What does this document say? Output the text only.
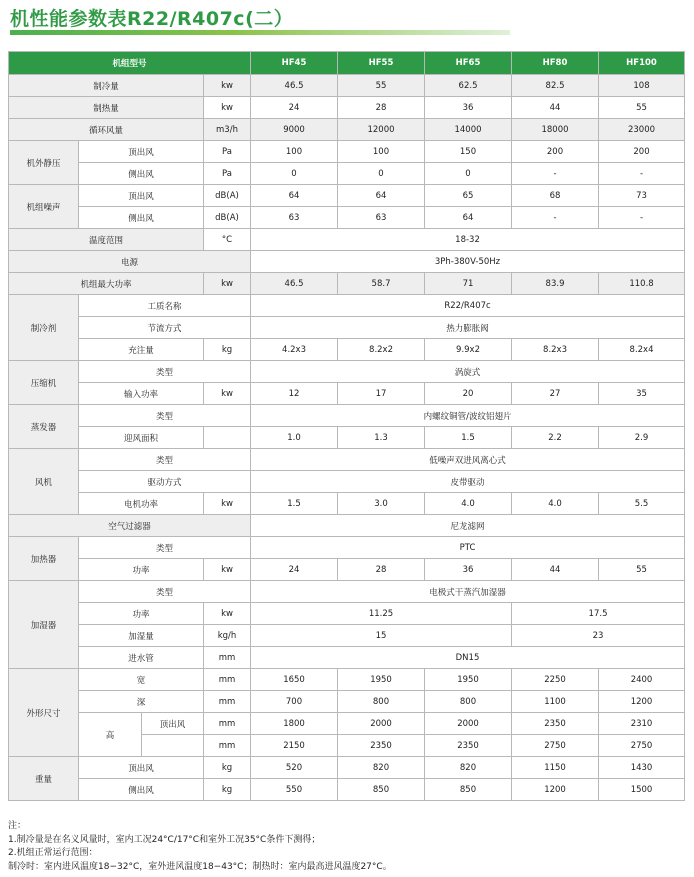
机性能参数表R22/R407c(二）
机组型号				HF45	HF55	HF65	HF80	HF100
制冷量			kw	46.5	55	62.5	82.5	108
制热量			kw	24	28	36	44	55
循环风量			m3/h	9000	12000	14000	18000	23000
机外静压	顶出风		Pa	100	100	150	200	200
	侧出风		Pa	0	0	0	-	-
机组噪声	顶出风		dB(A)	64	64	65	68	73
	侧出风		dB(A)	63	63	64	-	-
温度范围			°C	18-32				
电源				3Ph-380V-50Hz				
机组最大功率			kw	46.5	58.7	71	83.9	110.8
制冷剂	工质名称			R22/R407c				
	节流方式			热力膨胀阀				
	充注量		kg	4.2x3	8.2x2	9.9x2	8.2x3	8.2x4
压缩机	类型			涡旋式				
	输入功率		kw	12	17	20	27	35
蒸发器	类型			内螺纹铜管/波纹铝翅片				
	迎风面积			1.0	1.3	1.5	2.2	2.9
风机	类型			低噪声双进风离心式				
	驱动方式			皮带驱动				
	电机功率		kw	1.5	3.0	4.0	4.0	5.5
空气过滤器				尼龙滤网				
加热器	类型			PTC				
	功率		kw	24	28	36	44	55
加湿器	类型			电极式干蒸汽加湿器				
	功率		kw	11.25			17.5	
	加湿量		kg/h	15			23	
	进水管		mm	DN15				
外形尺寸	宽		mm	1650	1950	1950	2250	2400
	深		mm	700	800	800	1100	1200
	高	顶出风	mm	1800	2000	2000	2350	2310
			mm	2150	2350	2350	2750	2750
重量	顶出风		kg	520	820	820	1150	1430
	侧出风		kg	550	850	850	1200	1500
注：
1.制冷量是在名义风量时，室内工况24°C/17°C和室外工况35°C条件下测得；
2.机组正常运行范围：
制冷时：室内进风温度18−32°C，室外进风温度18−43°C；制热时：室内最高进风温度27°C。
